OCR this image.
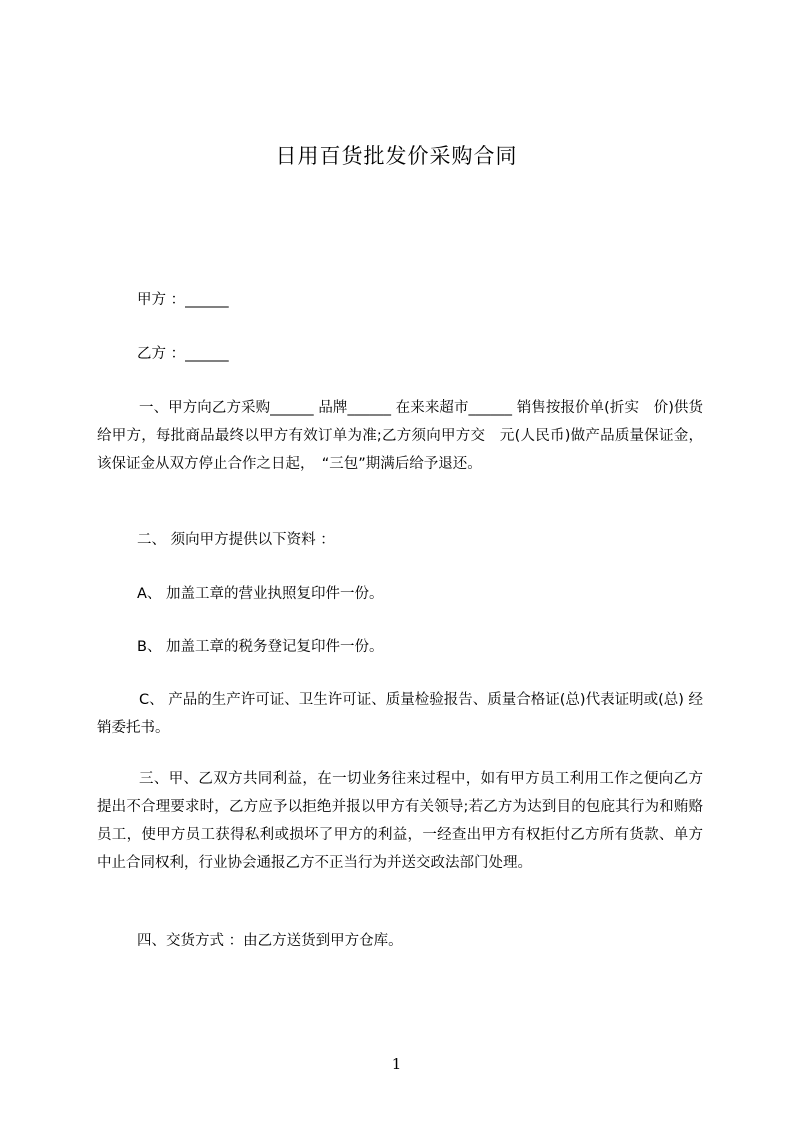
日用百货批发价采购合同
甲方 ：______
乙方 ：______
一、甲方向乙方采购______ 品牌______ 在来来超市______ 销售按报价单(折实　价)供货给甲方，每批商品最终以甲方有效订单为准;乙方须向甲方交　元(人民币)做产品质量保证金，该保证金从双方停止合作之日起，　“三包”期满后给予退还。
二、 须向甲方提供以下资料 ：
A、 加盖工章的营业执照复印件一份。
B、 加盖工章的税务登记复印件一份。
C、 产品的生产许可证、卫生许可证、质量检验报告、质量合格证(总)代表证明或(总) 经销委托书。
三、甲、乙双方共同利益，在一切业务往来过程中，如有甲方员工利用工作之便向乙方提出不合理要求时，乙方应予以拒绝并报以甲方有关领导;若乙方为达到目的包庇其行为和贿赂员工，使甲方员工获得私利或损坏了甲方的利益，一经查出甲方有权拒付乙方所有货款、单方中止合同权利，行业协会通报乙方不正当行为并送交政法部门处理。
四、交货方式 ：由乙方送货到甲方仓库。
1
